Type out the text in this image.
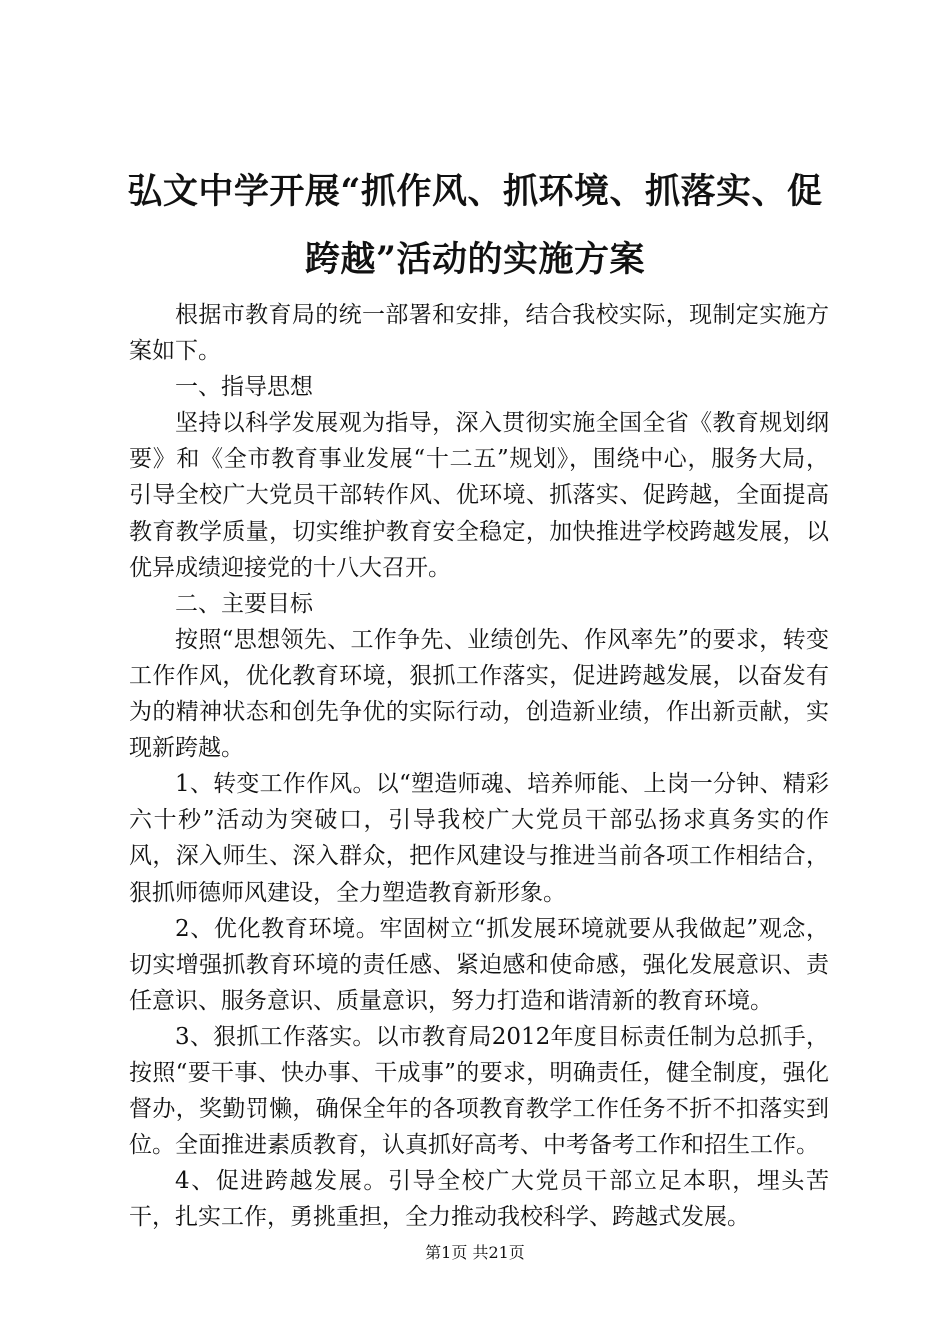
弘文中学开展“抓作风、抓环境、抓落实、促
跨越”活动的实施方案

根据市教育局的统一部署和安排，结合我校实际，现制定实施方案如下。

一、指导思想

坚持以科学发展观为指导，深入贯彻实施全国全省《教育规划纲要》和《全市教育事业发展“十二五”规划》，围绕中心，服务大局，引导全校广大党员干部转作风、优环境、抓落实、促跨越，全面提高教育教学质量，切实维护教育安全稳定，加快推进学校跨越发展，以优异成绩迎接党的十八大召开。

二、主要目标

按照“思想领先、工作争先、业绩创先、作风率先”的要求，转变工作作风，优化教育环境，狠抓工作落实，促进跨越发展，以奋发有为的精神状态和创先争优的实际行动，创造新业绩，作出新贡献，实现新跨越。

1、转变工作作风。以“塑造师魂、培养师能、上岗一分钟、精彩六十秒”活动为突破口，引导我校广大党员干部弘扬求真务实的作风，深入师生、深入群众，把作风建设与推进当前各项工作相结合，狠抓师德师风建设，全力塑造教育新形象。

2、优化教育环境。牢固树立“抓发展环境就要从我做起”观念，切实增强抓教育环境的责任感、紧迫感和使命感，强化发展意识、责任意识、服务意识、质量意识，努力打造和谐清新的教育环境。

3、狠抓工作落实。以市教育局2012年度目标责任制为总抓手，按照“要干事、快办事、干成事”的要求，明确责任，健全制度，强化督办，奖勤罚懒，确保全年的各项教育教学工作任务不折不扣落实到位。全面推进素质教育，认真抓好高考、中考备考工作和招生工作。

4、促进跨越发展。引导全校广大党员干部立足本职，埋头苦干，扎实工作，勇挑重担，全力推动我校科学、跨越式发展。

第1页 共21页
